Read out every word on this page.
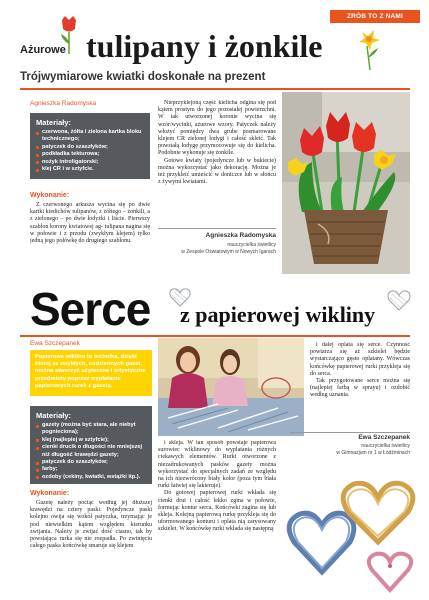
ZRÓB TO Z NAMI
Ażurowe tulipany i żonkile
Trójwymiarowe kwiatki doskonałe na prezent
Agnieszka Radomyska
Materiały:
czerwona, żółta i zielona kartka bloku technicznego;
patyczek do szaszłyków;
podkładka tekturowa;
nożyk introligatorski;
klej CR i w sztyfcie.
Wykonanie:

Z czerwonego arkusza wycina się po dwie kartki kiedichów tulipanów, z żółtego – żonkili, a z zielonego – po dwie łodyżki i liście. Pierwszy szablon korony kwiatowej ag- tulipana nagina się w połowie i z przodu (zwykłym klejem) tylko jedną jego połówkę do drugiego szablonu.

Nieprzyklejoną część kielicha odgina się pod kątem prostym do jego pozostałej powierzchni. W tak utworzonej koronie wycina się wzór/wycinki, ażurowe wzory. Patyczek należy włożyć pomiędzy dwa grube posmarowane klejem CR zielonej łodygi i całość skleić. Tak powstałą łodygę przymocowuje się do kielicha. Podobnie wykonuje się żonkile.

Gotowe kwiaty (pojedyncze lub w bukiecie) można wykorzystać jako dekorację. Można je też przykleić umieścić w doniczce lub w słońcu z żywymi kwiatami.

Agnieszka Radomyska
nauczycielka świetlicy
w Zespole Oświatowym w Nowych Igarach
Serce z papierowej wikliny
Ewa Szczepanek
Papierowe wiklino to technika, dzięki której ze zwykłych, codziennych gazet, można stworzyć użyteczne i artystyczne przedmioty poprzez wyplatanie papierowych rurek z gazety.
Materiały:
gazety (można być stara, ale niebyt pognieciona);
klej (najlepiej w sztyfcie);
cienki drucik o długości nie mniejszej niż długość krawędzi gazety;
patyczek do szaszłyków;
farby;
ozdoby (cekiny, kwiatki, wstążki itp.).
Wykonanie:

Gazetę należy pociąć według jej dłuższej krawędzi na cztery paski. Pojedyncze paski kolejno owija się wokół patyczka, trzymając je pod niewielkim kątem względem kierunku zwijania. Należy je zwijać dość ciasno, tak by powstająca rurka się nie rozpadła. Po zwinięciu całego paska końcówkę smaruje się klejem

i skleja. W tan sposób powstaje papierowa surowiec wiklinowy do wyplatania różnych ciekawych elementów. Rurki otworzone z niezadrukowanych pasków gazety można wykorzystać do specjalnych zadań ze względu na ich niezwrócony biały kolor (poza tym biała rurki łatwiej się lakieruje).

Do gotowej papierowej rurki wkłada się cienki drut i całość lekko zgina w połowie, formując kontur serca. Końcówki zagina się lub skleja. Kolejną papierową rurkę przykleja się do uformowanego konturu i oplata nią zarysowany szkielet. W końcówkę rurki wkłada się następną

i dalej oplata się serce. Czynność powtarza się aż szkielet będzie wystarczająco gęsto oplatany. Wówczas końcówkę papierowej rurki przykleja się do serca.

Tak przygotowane serce można się (najlepiej farbą w sprayu) i ozdobić według uznania.

Ewa Szczepanek
nauczycielka świetlicy
w Gimnazjum nr 1 w Łódźminach
